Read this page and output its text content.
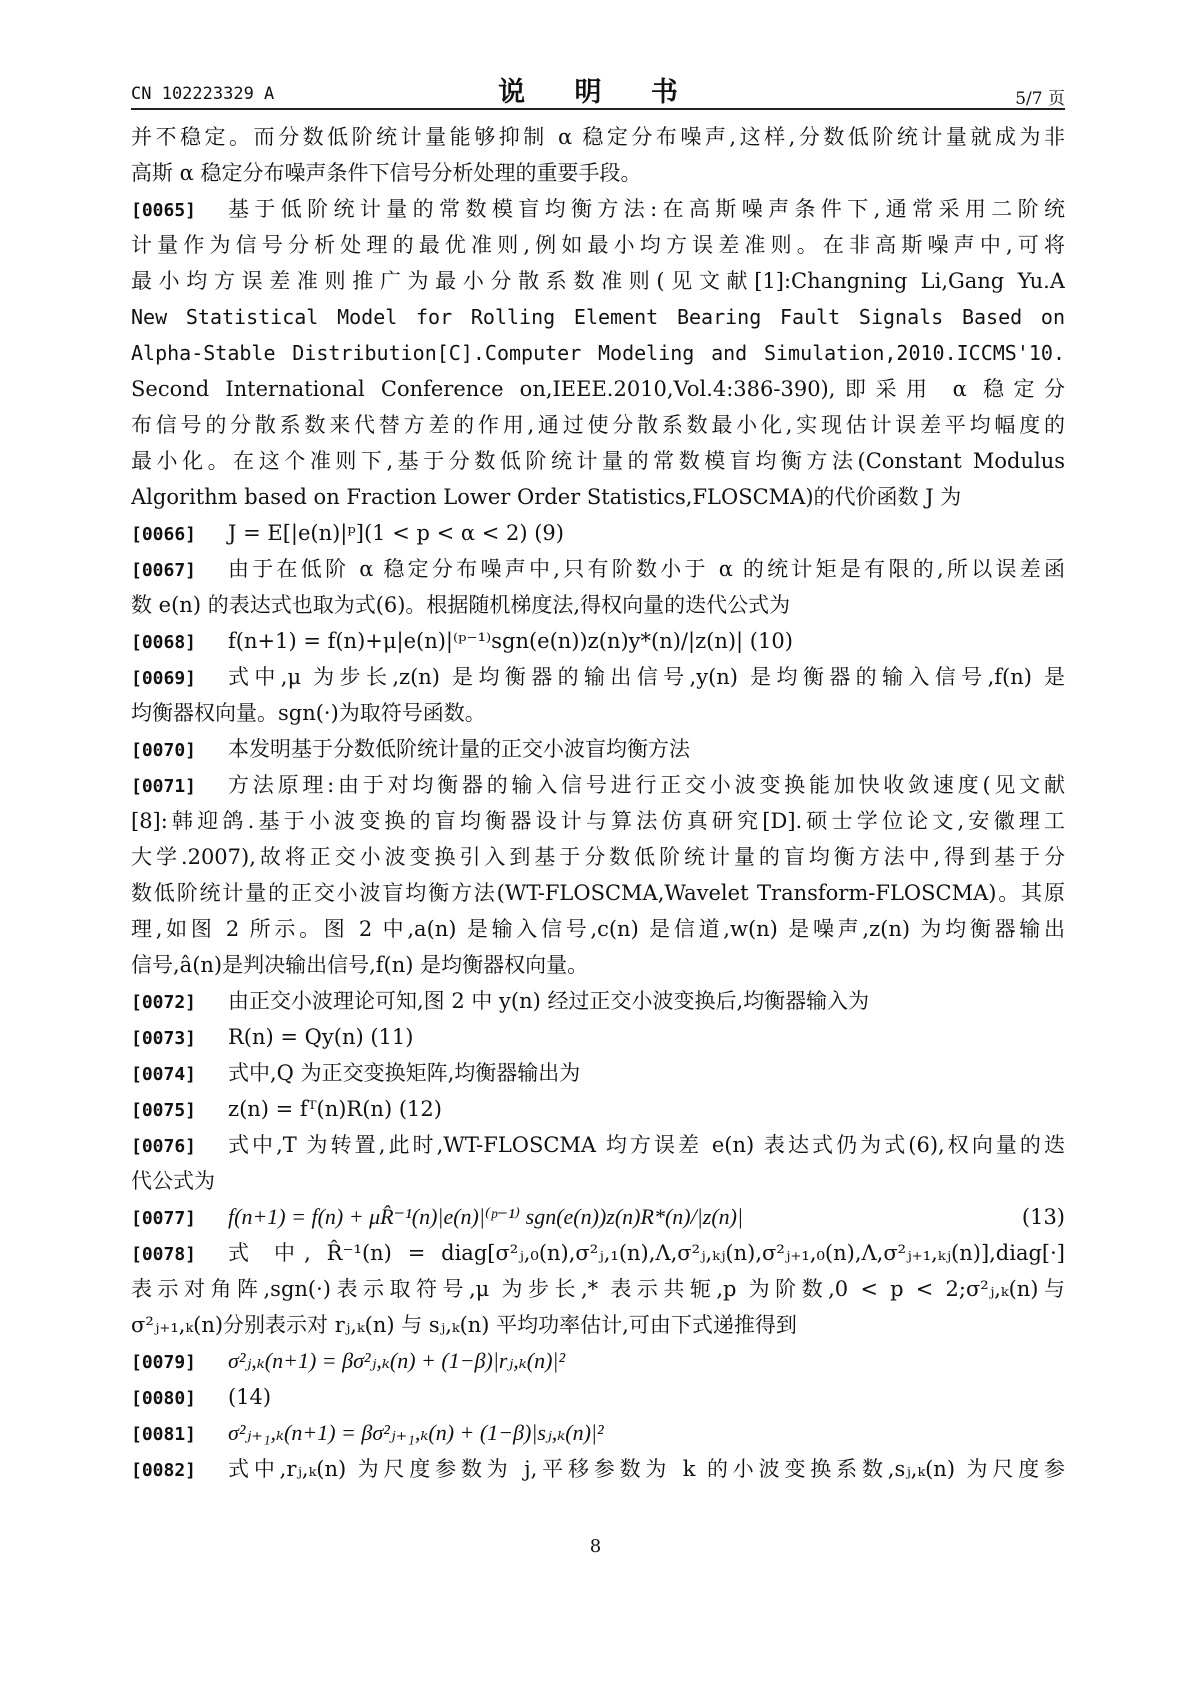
CN 102223329 A	说 明 书	5/7 页
并不稳定。而分数低阶统计量能够抑制 α 稳定分布噪声,这样,分数低阶统计量就成为非
高斯 α 稳定分布噪声条件下信号分析处理的重要手段。
[0065] 基于低阶统计量的常数模盲均衡方法:在高斯噪声条件下,通常采用二阶统
计量作为信号分析处理的最优准则,例如最小均方误差准则。在非高斯噪声中,可将
最小均方误差准则推广为最小分散系数准则(见文献[1]:Changning Li,Gang Yu.A
New Statistical Model for Rolling Element Bearing Fault Signals Based on
Alpha-Stable Distribution[C].Computer Modeling and Simulation,2010.ICCMS'10.
Second International Conference on,IEEE.2010,Vol.4:386-390),即采用 α 稳定分
布信号的分散系数来代替方差的作用,通过使分散系数最小化,实现估计误差平均幅度的
最小化。在这个准则下,基于分数低阶统计量的常数模盲均衡方法(Constant Modulus
Algorithm based on Fraction Lower Order Statistics,FLOSCMA)的代价函数 J 为
[0066] J = E[|e(n)|ᵖ](1 < p < α < 2) (9)
[0067] 由于在低阶 α 稳定分布噪声中,只有阶数小于 α 的统计矩是有限的,所以误差函
数 e(n) 的表达式也取为式(6)。根据随机梯度法,得权向量的迭代公式为
[0068] f(n+1) = f(n)+μ|e(n)|⁽ᵖ⁻¹⁾sgn(e(n))z(n)y*(n)/|z(n)| (10)
[0069] 式中,μ 为步长,z(n) 是均衡器的输出信号,y(n) 是均衡器的输入信号,f(n) 是
均衡器权向量。sgn(·)为取符号函数。
[0070] 本发明基于分数低阶统计量的正交小波盲均衡方法
[0071] 方法原理:由于对均衡器的输入信号进行正交小波变换能加快收敛速度(见文献
[8]:韩迎鸽.基于小波变换的盲均衡器设计与算法仿真研究[D].硕士学位论文,安徽理工
大学.2007),故将正交小波变换引入到基于分数低阶统计量的盲均衡方法中,得到基于分
数低阶统计量的正交小波盲均衡方法(WT-FLOSCMA,Wavelet Transform-FLOSCMA)。其原
理,如图 2 所示。图 2 中,a(n) 是输入信号,c(n) 是信道,w(n) 是噪声,z(n) 为均衡器输出
信号,â(n)是判决输出信号,f(n) 是均衡器权向量。
[0072] 由正交小波理论可知,图 2 中 y(n) 经过正交小波变换后,均衡器输入为
[0073] R(n) = Qy(n) (11)
[0074] 式中,Q 为正交变换矩阵,均衡器输出为
[0075] z(n) = fᵀ(n)R(n) (12)
[0076] 式中,T 为转置,此时,WT-FLOSCMA 均方误差 e(n) 表达式仍为式(6),权向量的迭
代公式为
[0077] f(n+1) = f(n) + μR̂⁻¹(n)|e(n)|⁽ᵖ⁻¹⁾ sgn(e(n))z(n)R*(n)/|z(n)|	(13)
[0078] 式 中, R̂⁻¹(n) = diag[σ²ⱼ,₀(n),σ²ⱼ,₁(n),Λ,σ²ⱼ,ₖⱼ(n),σ²ⱼ₊₁,₀(n),Λ,σ²ⱼ₊₁,ₖⱼ(n)],diag[·]
表示对角阵,sgn(·)表示取符号,μ 为步长,* 表示共轭,p 为阶数,0 < p < 2;σ²ⱼ,ₖ(n)与
σ²ⱼ₊₁,ₖ(n)分别表示对 rⱼ,ₖ(n) 与 sⱼ,ₖ(n) 平均功率估计,可由下式递推得到
[0079] σ²ⱼ,ₖ(n+1) = βσ²ⱼ,ₖ(n) + (1−β)|rⱼ,ₖ(n)|²
[0080] (14)
[0081] σ²ⱼ₊₁,ₖ(n+1) = βσ²ⱼ₊₁,ₖ(n) + (1−β)|sⱼ,ₖ(n)|²
[0082] 式中,rⱼ,ₖ(n) 为尺度参数为 j,平移参数为 k 的小波变换系数,sⱼ,ₖ(n) 为尺度参
8
